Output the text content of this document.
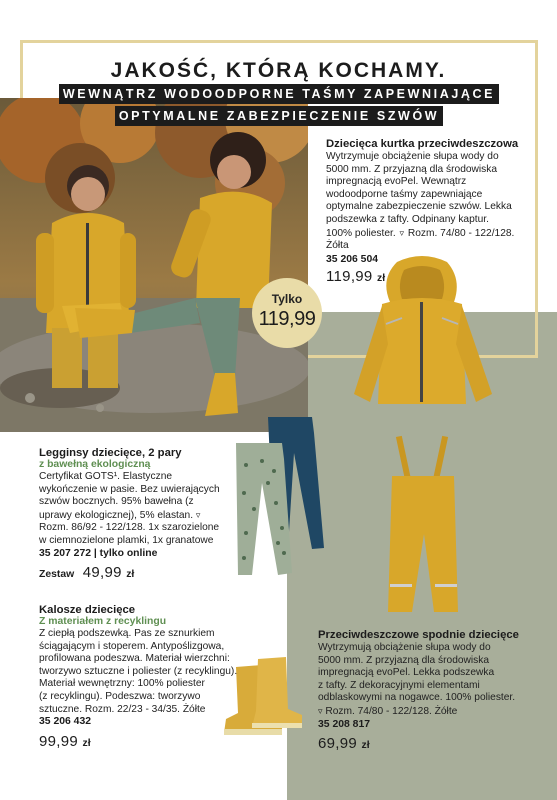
JAKOŚĆ, KTÓRĄ KOCHAMY.
WEWNĄTRZ WODOODPORNE TAŚMY ZAPEWNIAJĄCE
OPTYMALNE ZABEZPIECZENIE SZWÓW
Tylko
119,99
Dziecięca kurtka przeciwdeszczowa
Wytrzymuje obciążenie słupa wody do
5000 mm. Z przyjazną dla środowiska
impregnacją evoPel. Wewnątrz
wodoodporne taśmy zapewniające
optymalne zabezpieczenie szwów. Lekka
podszewka z tafty. Odpinany kaptur.
100% poliester. ▿ Rozm. 74/80 - 122/128.
Żółta
35 206 504
119,99 zł
Legginsy dziecięce, 2 pary
z bawełną ekologiczną
Certyfikat GOTS¹. Elastyczne
wykończenie w pasie. Bez uwierających
szwów bocznych. 95% bawełna (z
uprawy ekologicznej), 5% elastan. ▿
Rozm. 86/92 - 122/128. 1x szarozielone
w ciemnozielone plamki, 1x granatowe
35 207 272 | tylko online
Zestaw 49,99 zł
Kalosze dziecięce
Z materiałem z recyklingu
Z ciepłą podszewką. Pas ze sznurkiem
ściągającym i stoperem. Antypoślizgowa,
profilowana podeszwa. Materiał wierzchni:
tworzywo sztuczne i poliester (z recyklingu).
Materiał wewnętrzny: 100% poliester
(z recyklingu). Podeszwa: tworzywo
sztuczne. Rozm. 22/23 - 34/35. Żółte
35 206 432
99,99 zł
Przeciwdeszczowe spodnie dziecięce
Wytrzymują obciążenie słupa wody do
5000 mm. Z przyjazną dla środowiska
impregnacją evoPel. Lekka podszewka
z tafty. Z dekoracyjnymi elementami
odblaskowymi na nogawce. 100% poliester.
▿ Rozm. 74/80 - 122/128. Żółte
35 208 817
69,99 zł
